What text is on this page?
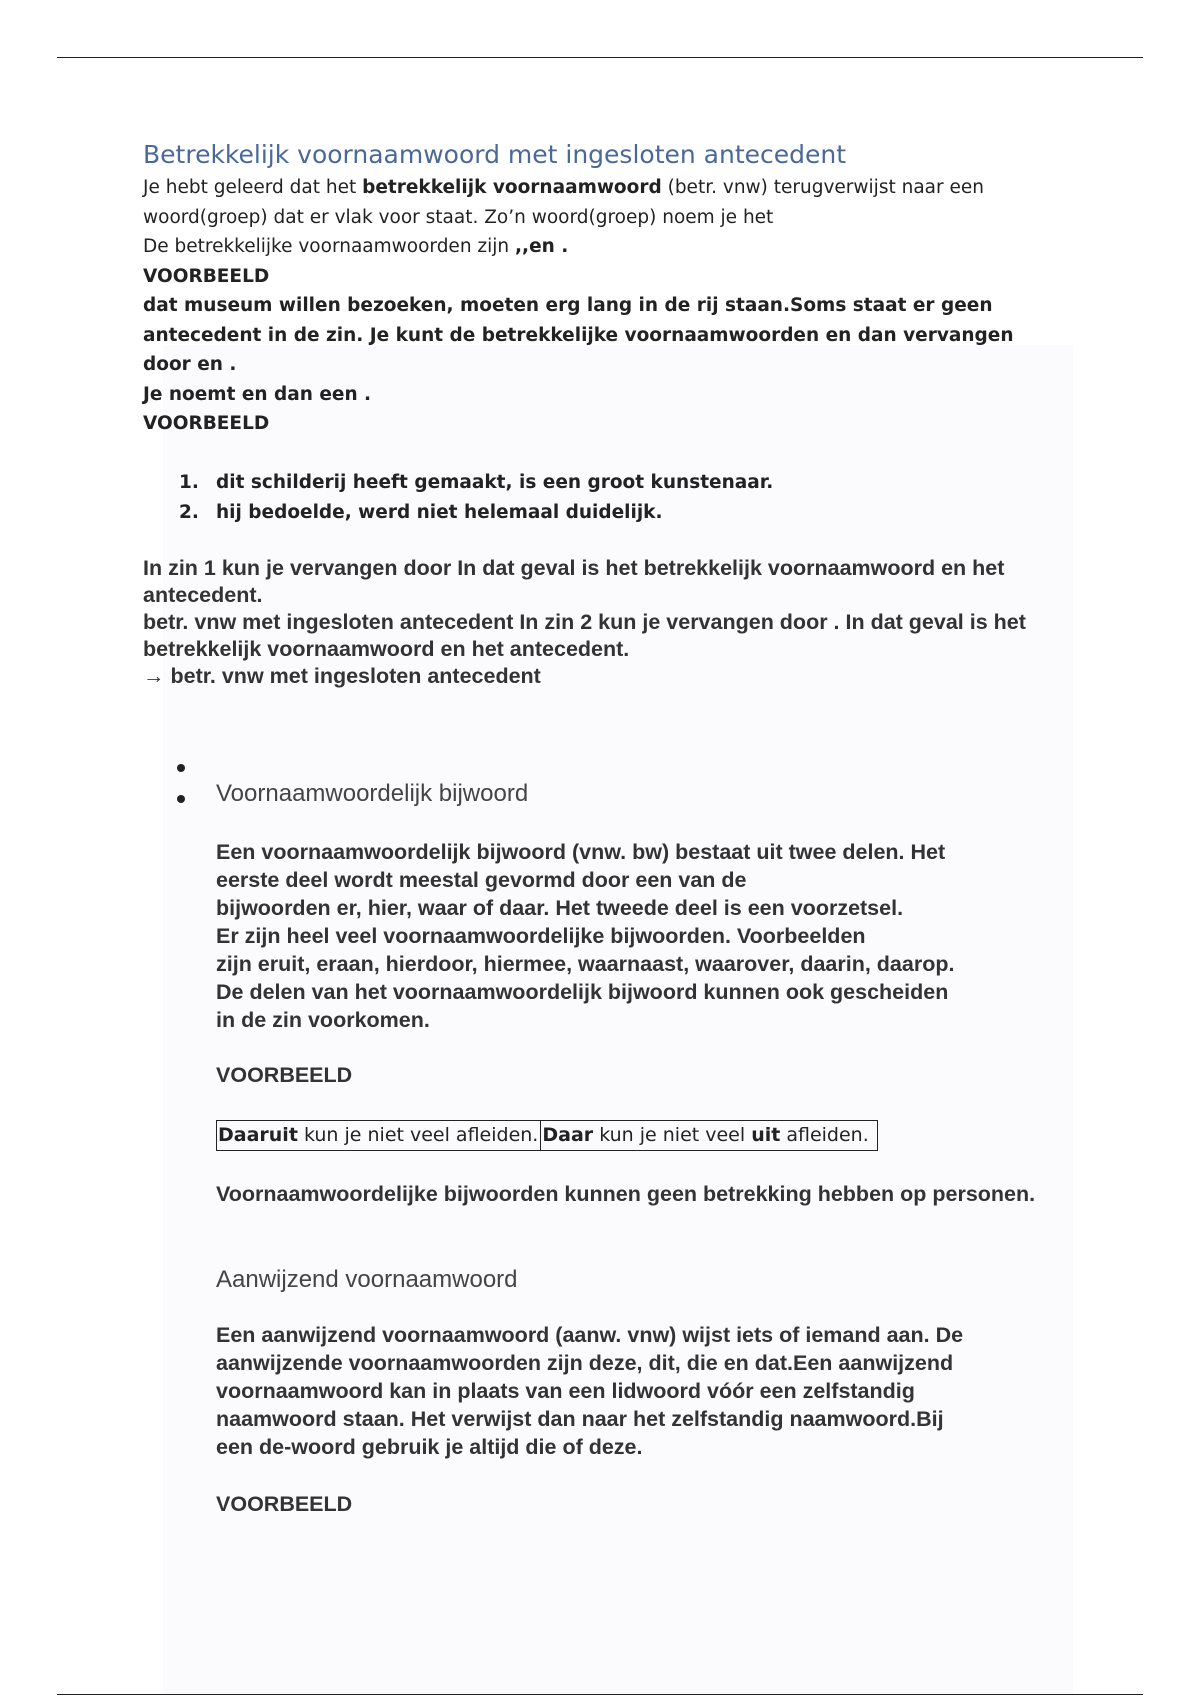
Betrekkelijk voornaamwoord met ingesloten antecedent

Je hebt geleerd dat het betrekkelijk voornaamwoord (betr. vnw) terugverwijst naar een

woord(groep) dat er vlak voor staat. Zo’n woord(groep) noem je het

De betrekkelijke voornaamwoorden zijn ,,en .

VOORBEELD

dat museum willen bezoeken, moeten erg lang in de rij staan.Soms staat er geen antecedent in de zin. Je kunt de betrekkelijke voornaamwoorden en dan vervangen door en .

Je noemt en dan een .

VOORBEELD

1. dit schilderij heeft gemaakt, is een groot kunstenaar.
2. hij bedoelde, werd niet helemaal duidelijk.

In zin 1 kun je vervangen door In dat geval is het betrekkelijk voornaamwoord en het antecedent.

betr. vnw met ingesloten antecedent In zin 2 kun je vervangen door . In dat geval is het betrekkelijk voornaamwoord en het antecedent.

→ betr. vnw met ingesloten antecedent

Voornaamwoordelijk bijwoord

Een voornaamwoordelijk bijwoord (vnw. bw) bestaat uit twee delen. Het

eerste deel wordt meestal gevormd door een van de

bijwoorden er, hier, waar of daar. Het tweede deel is een voorzetsel.

Er zijn heel veel voornaamwoordelijke bijwoorden. Voorbeelden

zijn eruit, eraan, hierdoor, hiermee, waarnaast, waarover, daarin, daarop.

De delen van het voornaamwoordelijk bijwoord kunnen ook gescheiden

in de zin voorkomen.

VOORBEELD
Daaruit kun je niet veel afleiden. Daar kun je niet veel uit afleiden.

Voornaamwoordelijke bijwoorden kunnen geen betrekking hebben op personen.

Aanwijzend voornaamwoord

Een aanwijzend voornaamwoord (aanw. vnw) wijst iets of iemand aan. De

aanwijzende voornaamwoorden zijn deze, dit, die en dat.Een aanwijzend

voornaamwoord kan in plaats van een lidwoord vóór een zelfstandig

naamwoord staan. Het verwijst dan naar het zelfstandig naamwoord.Bij

een de-woord gebruik je altijd die of deze.

VOORBEELD
